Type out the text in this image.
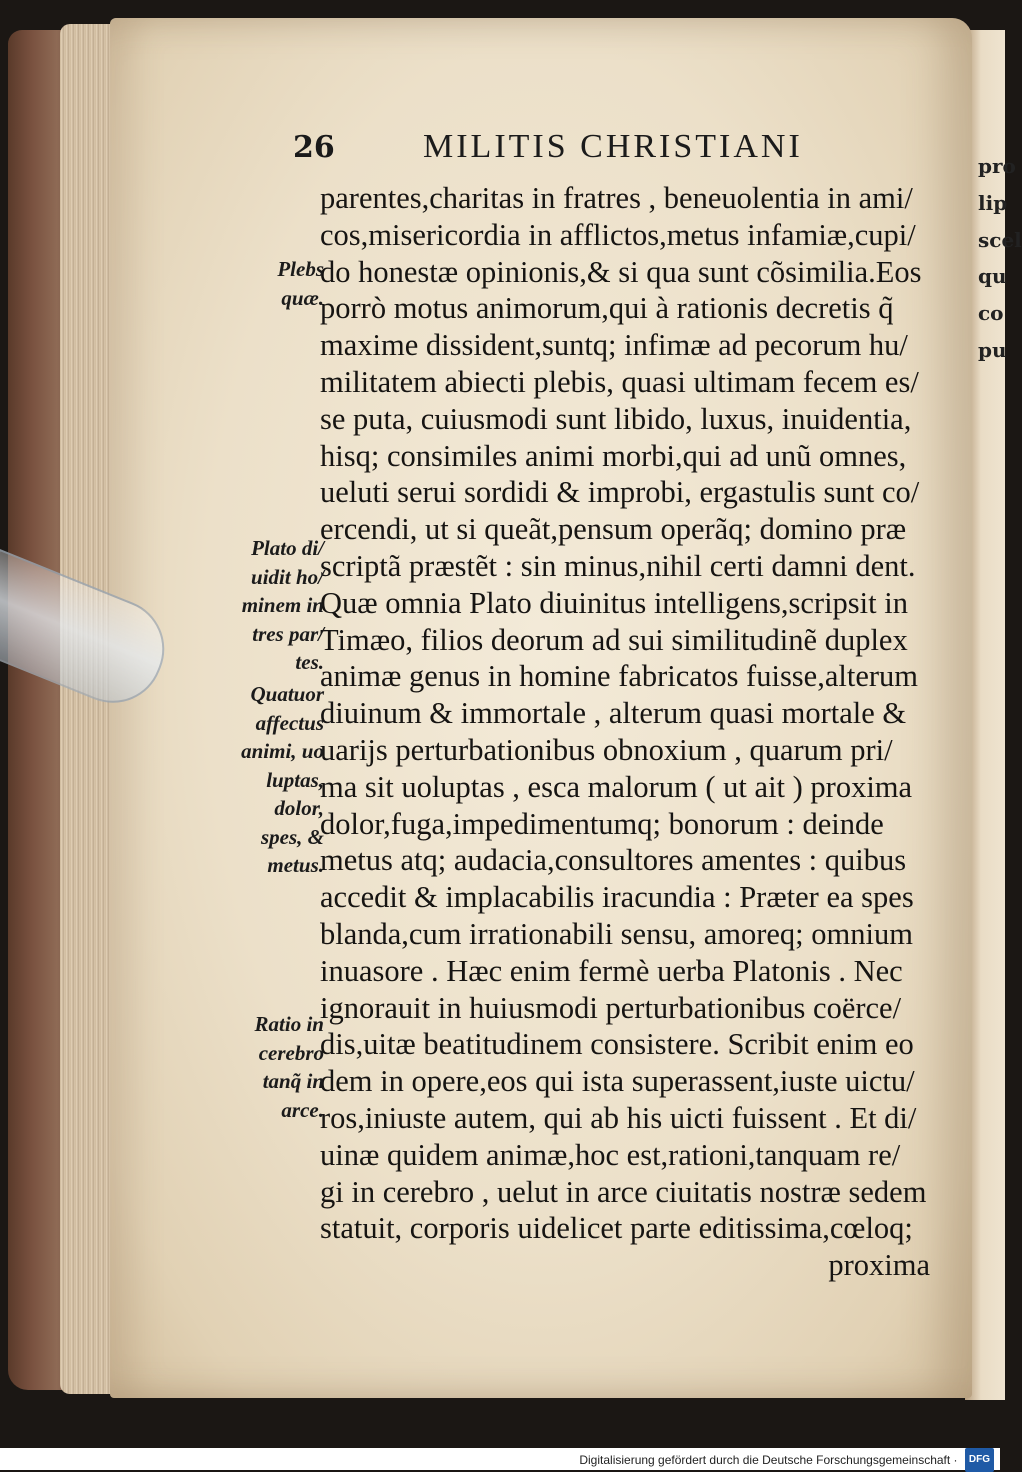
pro
lip
scel
qu
co
pu
26	MILITIS CHRISTIANI
parentes,charitas in fratres , beneuolentia in ami/
cos,misericordia in afflictos,metus infamiæ,cupi/
do honestæ opinionis,& si qua sunt cõsimilia.Eos
porrò motus animorum,qui à rationis decretis q̃
maxime dissident,suntq; infimæ ad pecorum hu/
militatem abiecti plebis, quasi ultimam fecem es/
se puta, cuiusmodi sunt libido, luxus, inuidentia,
hisq; consimiles animi morbi,qui ad unũ omnes,
ueluti serui sordidi & improbi, ergastulis sunt co/
ercendi, ut si queãt,pensum operãq; domino præ
scriptã præstẽt : sin minus,nihil certi damni dent.
Quæ omnia Plato diuinitus intelligens,scripsit in
Timæo, filios deorum ad sui similitudinẽ duplex
animæ genus in homine fabricatos fuisse,alterum
diuinum & immortale , alterum quasi mortale &
uarijs perturbationibus obnoxium , quarum pri/
ma sit uoluptas , esca malorum ( ut ait ) proxima
dolor,fuga,impedimentumq; bonorum : deinde
metus atq; audacia,consultores amentes : quibus
accedit & implacabilis iracundia : Præter ea spes
blanda,cum irrationabili sensu, amoreq; omnium
inuasore . Hæc enim fermè uerba Platonis . Nec
ignorauit in huiusmodi perturbationibus coërce/
dis,uitæ beatitudinem consistere. Scribit enim eo
dem in opere,eos qui ista superassent,iuste uictu/
ros,iniuste autem, qui ab his uicti fuissent . Et di/
uinæ quidem animæ,hoc est,rationi,tanquam re/
gi in cerebro , uelut in arce ciuitatis nostræ sedem
statuit, corporis uidelicet parte editissima,cœloq;
proxima
Plebs
quæ.
Plato di/
uidit ho/
minem in
tres par/
tes.
Quatuor
affectus
animi, uo
luptas,
dolor,
spes, &
metus.
Ratio in
cerebro
tanq̃ in
arce.
Digitalisierung gefördert durch die Deutsche Forschungsgemeinschaft · DFG
